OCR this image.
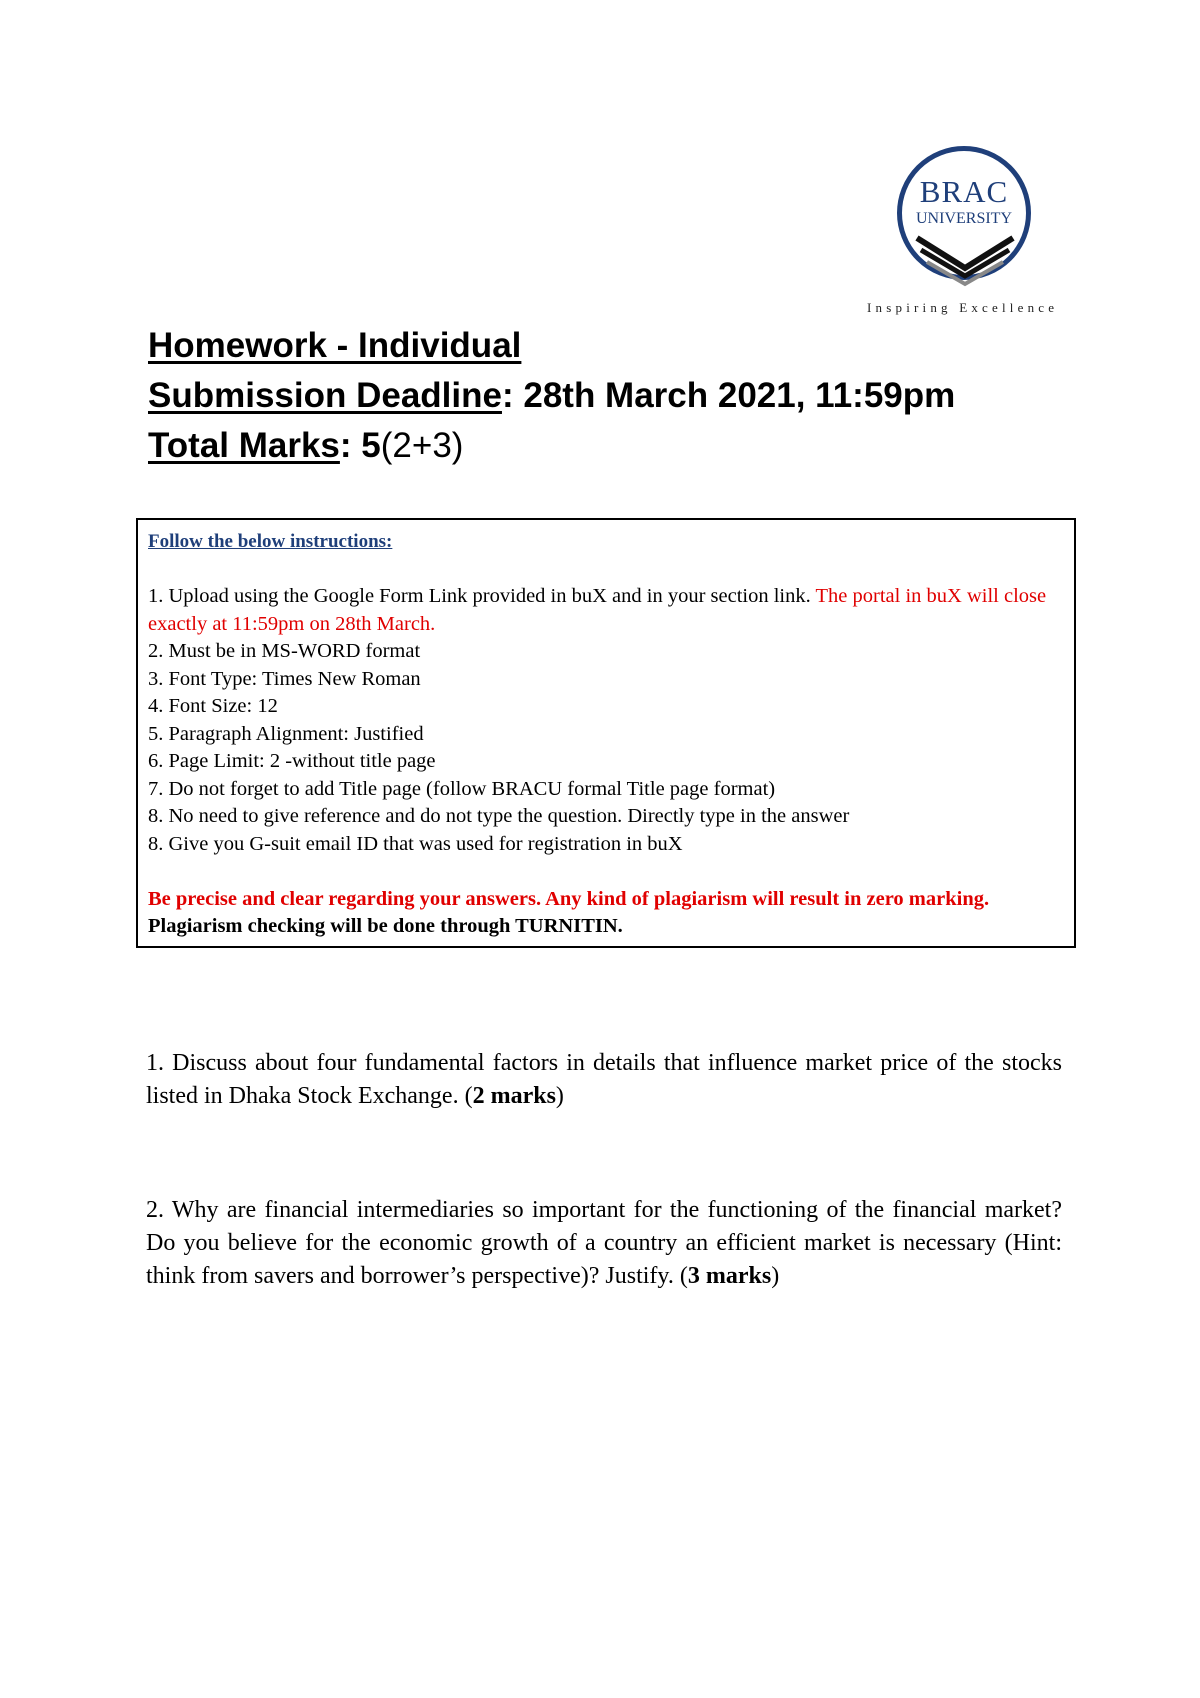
BRAC
UNIVERSITY
Inspiring Excellence
Homework - Individual
Submission Deadline: 28th March 2021, 11:59pm
Total Marks: 5(2+3)
Follow the below instructions:
1. Upload using the Google Form Link provided in buX and in your section link. The portal in buX will close exactly at 11:59pm on 28th March.
2. Must be in MS-WORD format
3. Font Type: Times New Roman
4. Font Size: 12
5. Paragraph Alignment: Justified
6. Page Limit: 2 -without title page
7. Do not forget to add Title page (follow BRACU formal Title page format)
8. No need to give reference and do not type the question. Directly type in the answer
8. Give you G-suit email ID that was used for registration in buX
Be precise and clear regarding your answers. Any kind of plagiarism will result in zero marking. Plagiarism checking will be done through TURNITIN.
1. Discuss about four fundamental factors in details that influence market price of the stocks listed in Dhaka Stock Exchange. (2 marks)
2. Why are financial intermediaries so important for the functioning of the financial market? Do you believe for the economic growth of a country an efficient market is necessary (Hint: think from savers and borrower’s perspective)? Justify. (3 marks)
